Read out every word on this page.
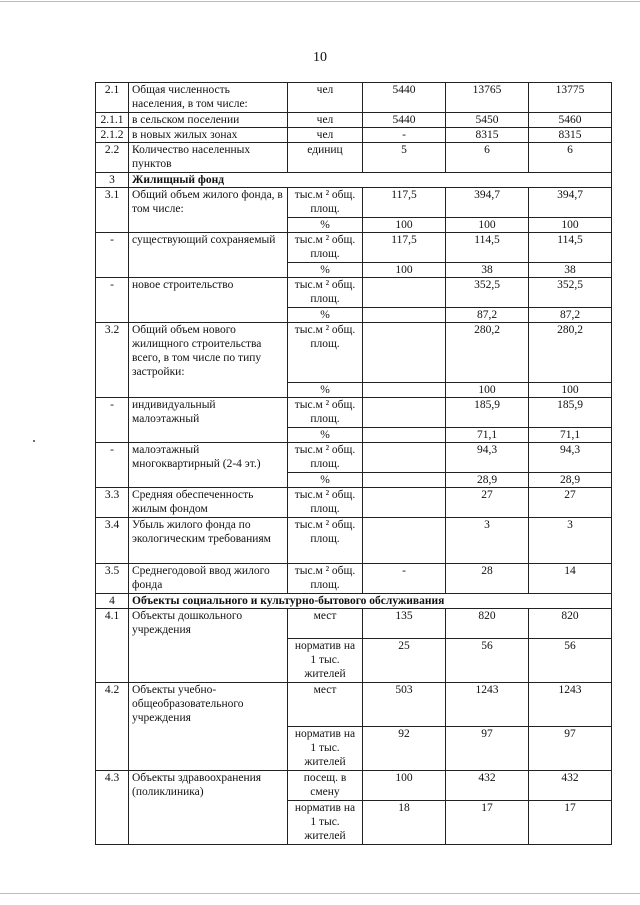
10
2.1	Общая численность населения, в том числе:	чел	5440	13765	13775
2.1.1	в сельском поселении	чел	5440	5450	5460
2.1.2	в новых жилых зонах	чел	-	8315	8315
2.2	Количество населенных пунктов	единиц	5	6	6
3	Жилищный фонд				
3.1	Общий объем жилого фонда, в том числе:	тыс.м ² общ. площ.	117,5	394,7	394,7
		%	100	100	100
-	существующий сохраняемый	тыс.м ² общ. площ.	117,5	114,5	114,5
		%	100	38	38
-	новое строительство	тыс.м ² общ. площ.		352,5	352,5
		%		87,2	87,2
3.2	Общий объем нового жилищного строительства всего, в том числе по типу застройки:	тыс.м ² общ. площ.		280,2	280,2
		%		100	100
-	индивидуальный малоэтажный	тыс.м ² общ. площ.		185,9	185,9
		%		71,1	71,1
-	малоэтажный многоквартирный (2-4 эт.)	тыс.м ² общ. площ.		94,3	94,3
		%		28,9	28,9
3.3	Средняя обеспеченность жилым фондом	тыс.м ² общ. площ.		27	27
3.4	Убыль жилого фонда по экологическим требованиям	тыс.м ² общ. площ.		3	3
3.5	Среднегодовой ввод жилого фонда	тыс.м ² общ. площ.	-	28	14
4	Объекты социального и культурно-бытового обслуживания				
4.1	Объекты дошкольного учреждения	мест	135	820	820
		норматив на 1 тыс. жителей	25	56	56
4.2	Объекты учебно-общеобразовательного учреждения	мест	503	1243	1243
		норматив на 1 тыс. жителей	92	97	97
4.3	Объекты здравоохранения (поликлиника)	посещ. в смену	100	432	432
		норматив на 1 тыс. жителей	18	17	17
